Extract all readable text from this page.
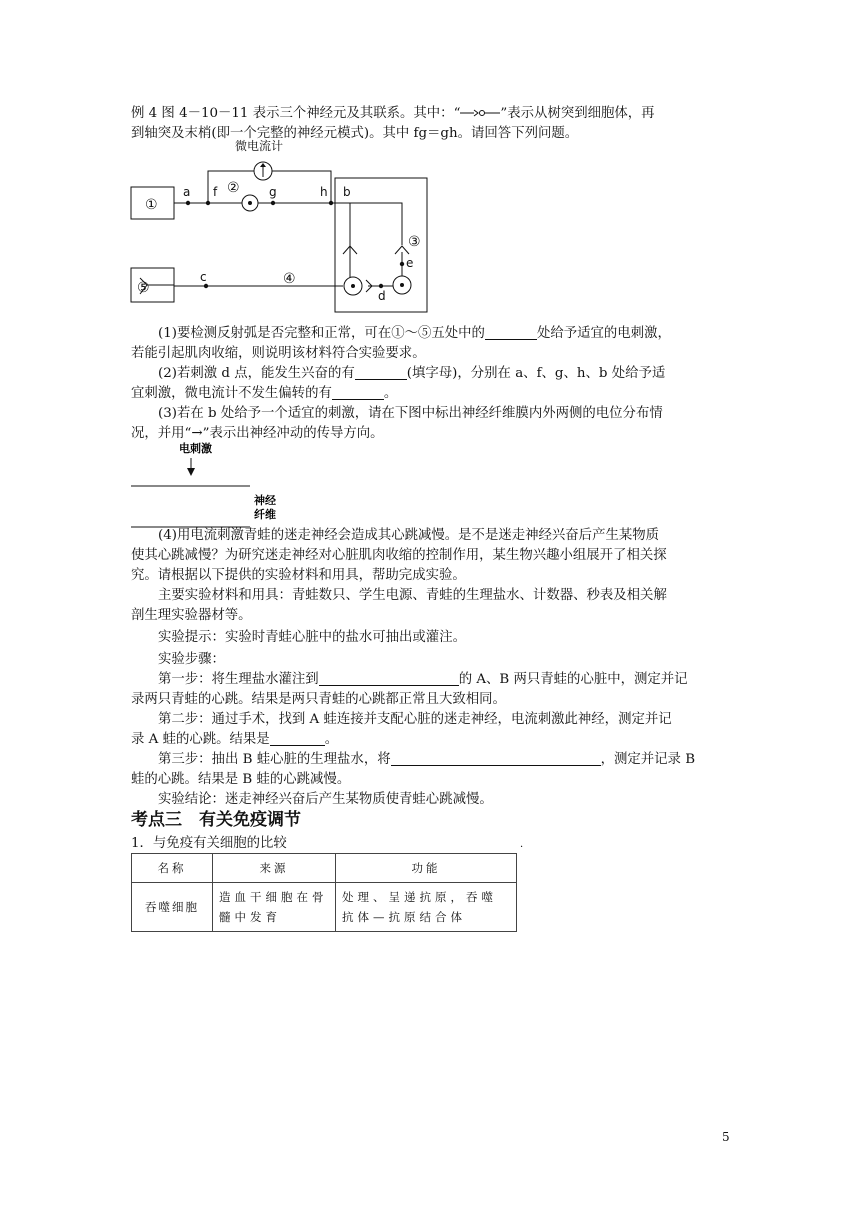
例 4 图 4－10－11 表示三个神经元及其联系。其中：“	”表示从树突到细胞体，再
到轴突及末梢(即一个完整的神经元模式)。其中 fg＝gh。请回答下列问题。

微电流计
①
②
③
④
⑤
a f	g	h b
c
d
e

(1)要检测反射弧是否完整和正常，可在①～⑤五处中的	处给予适宜的电刺激，

若能引起肌肉收缩，则说明该材料符合实验要求。

(2)若刺激 d 点，能发生兴奋的有	(填字母)，分别在 a、f、g、h、b 处给予适

宜刺激，微电流计不发生偏转的有	。

(3)若在 b 处给予一个适宜的刺激，请在下图中标出神经纤维膜内外两侧的电位分布情

况，并用“→”表示出神经冲动的传导方向。

电刺激
神经
纤维

(4)用电流刺激青蛙的迷走神经会造成其心跳减慢。是不是迷走神经兴奋后产生某物质

使其心跳减慢？为研究迷走神经对心脏肌肉收缩的控制作用，某生物兴趣小组展开了相关探

究。请根据以下提供的实验材料和用具，帮助完成实验。

主要实验材料和用具：青蛙数只、学生电源、青蛙的生理盐水、计数器、秒表及相关解

剖生理实验器材等。

实验提示：实验时青蛙心脏中的盐水可抽出或灌注。

实验步骤：

第一步：将生理盐水灌注到	的 A、B 两只青蛙的心脏中，测定并记

录两只青蛙的心跳。结果是两只青蛙的心跳都正常且大致相同。

第二步：通过手术，找到 A 蛙连接并支配心脏的迷走神经，电流刺激此神经，测定并记

录 A 蛙的心跳。结果是	。

第三步：抽出 B 蛙心脏的生理盐水，将	，测定并记录 B

蛙的心跳。结果是 B 蛙的心跳减慢。

实验结论：迷走神经兴奋后产生某物质使青蛙心跳减慢。

考点三　有关免疫调节
1．与免疫有关细胞的比较	·
名称	来源	功能
吞噬细胞	造血干细胞在骨髓中发育	处理、呈递抗原，吞噬抗体—抗原结合体
5
